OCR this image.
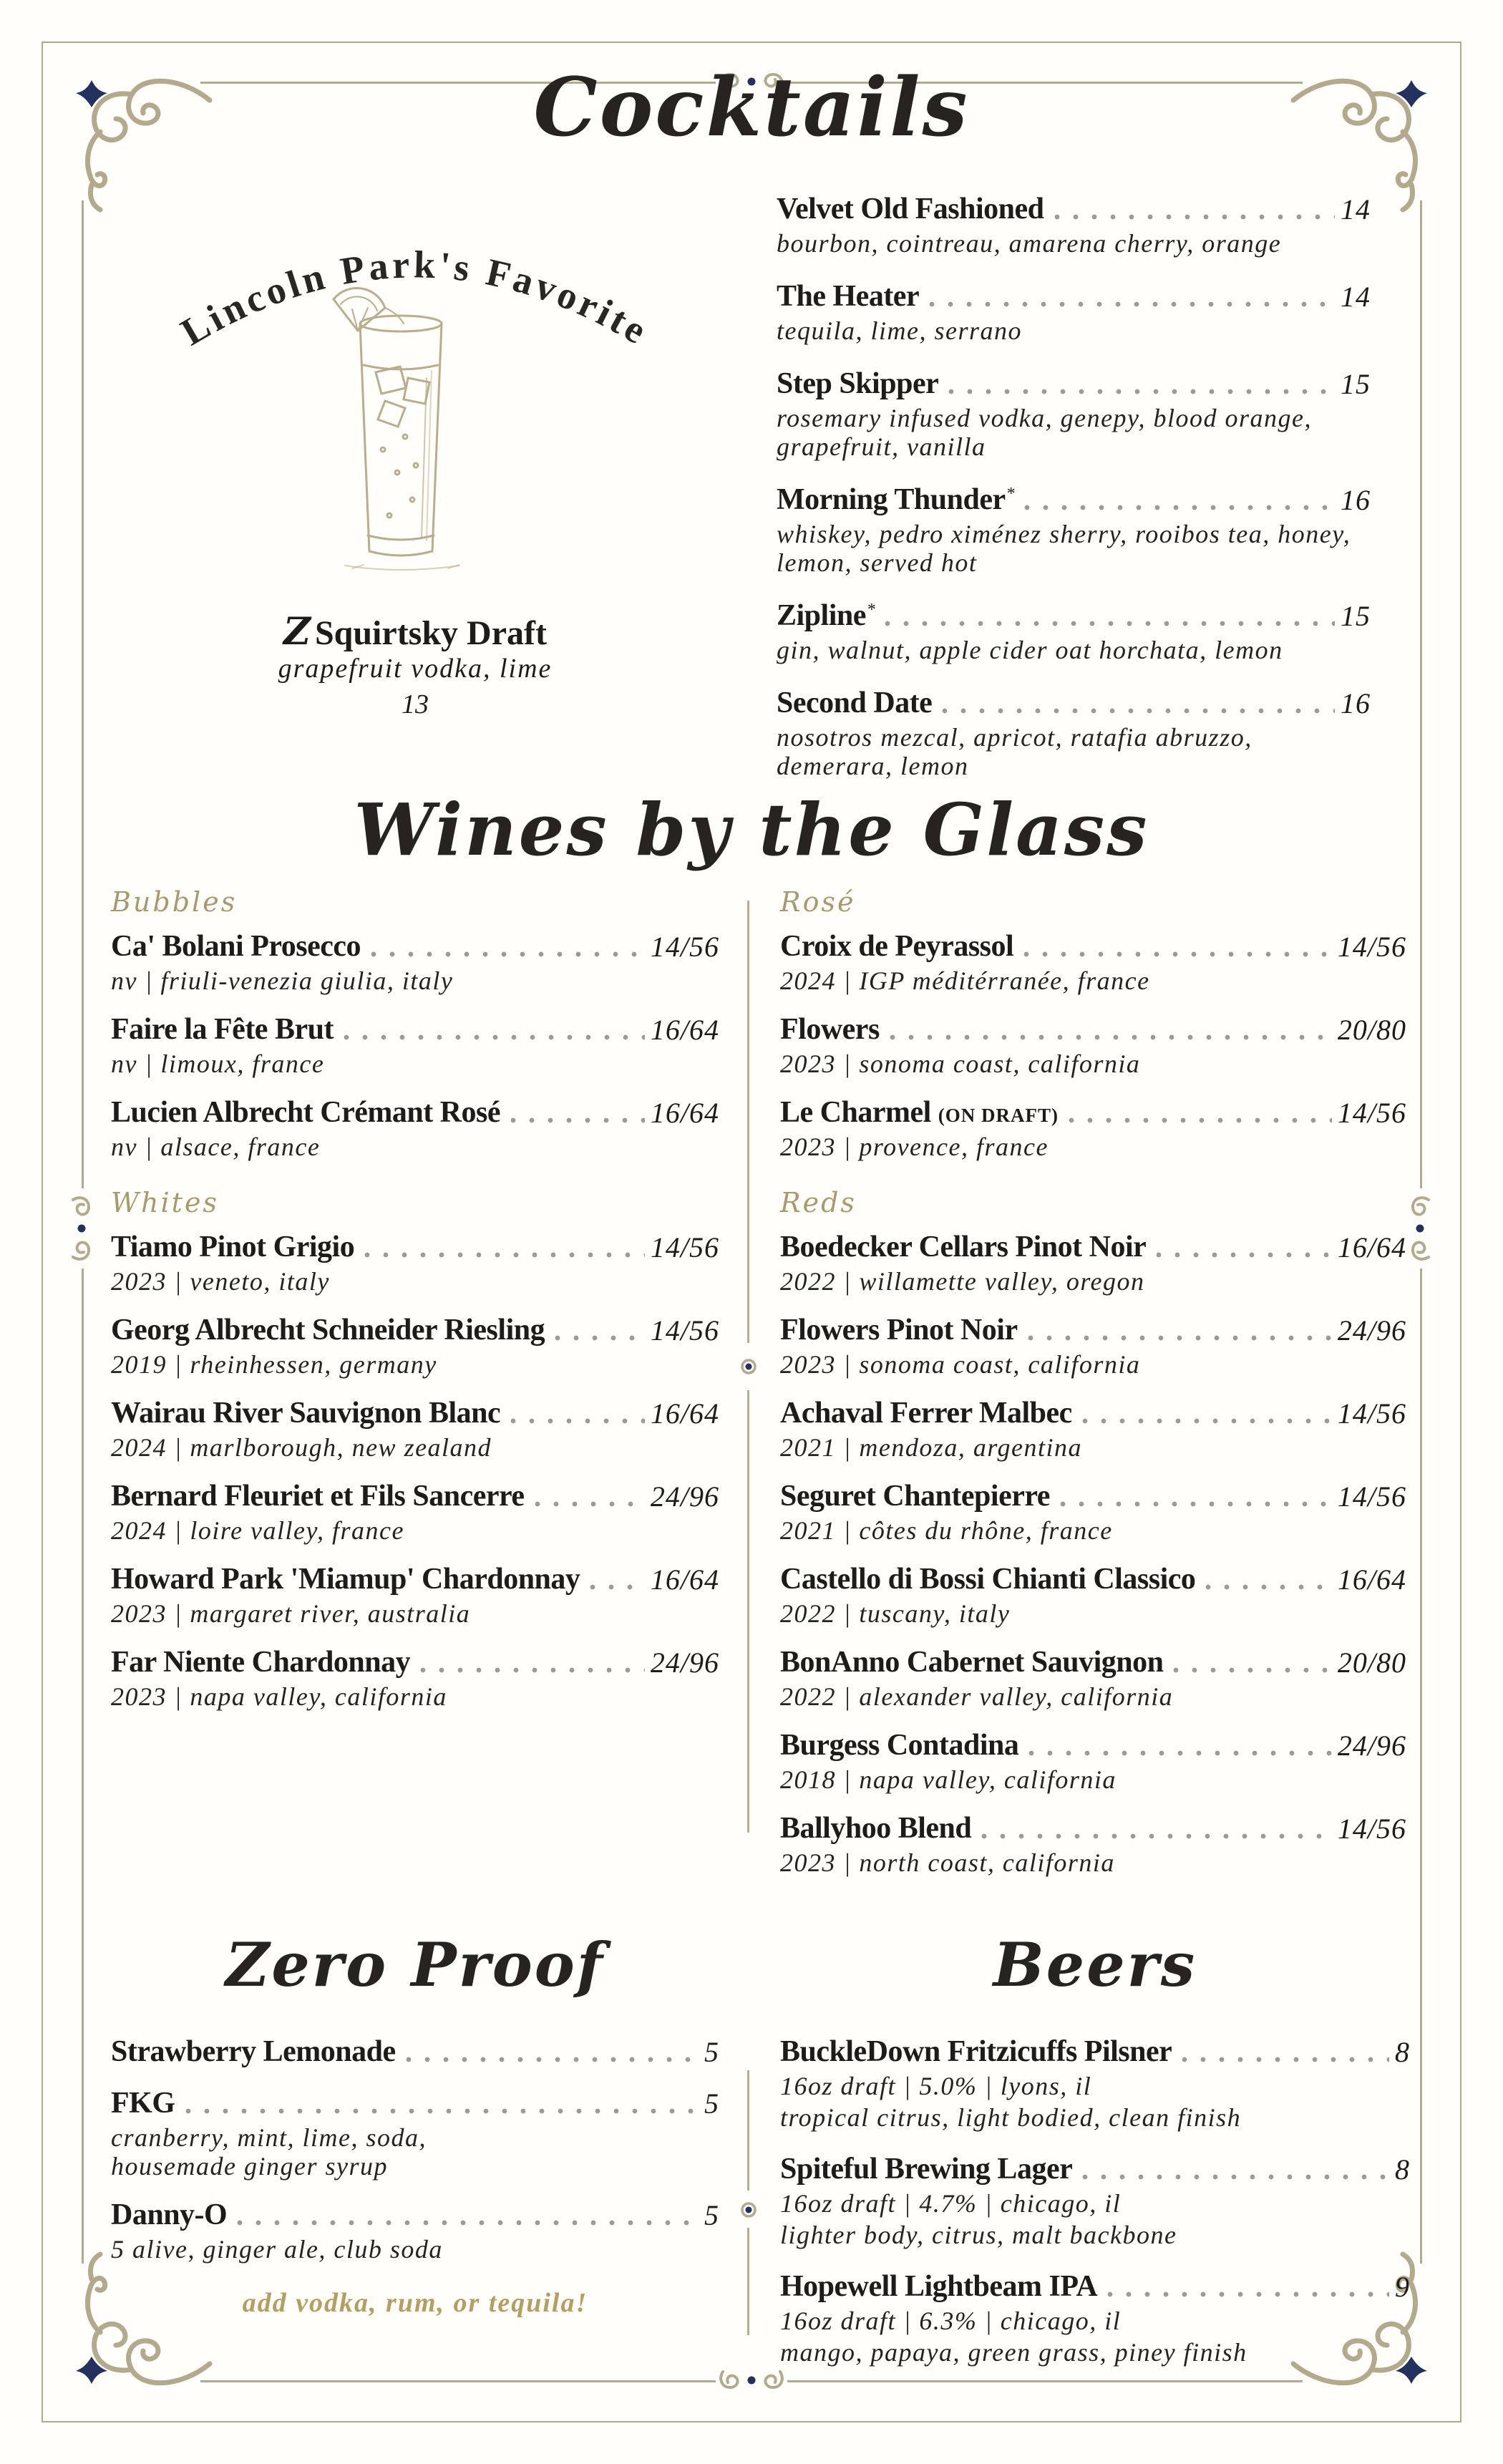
Cocktails
Lincoln Park's Favorite
Z Squirtsky Draft
grapefruit vodka, lime
13
Velvet Old Fashioned	14
bourbon, cointreau, amarena cherry, orange
The Heater	14
tequila, lime, serrano
Step Skipper	15
rosemary infused vodka, genepy, blood orange, grapefruit, vanilla
Morning Thunder*	16
whiskey, pedro ximénez sherry, rooibos tea, honey, lemon, served hot
Zipline*	15
gin, walnut, apple cider oat horchata, lemon
Second Date	16
nosotros mezcal, apricot, ratafia abruzzo, demerara, lemon
Wines by the Glass
Bubbles
Ca' Bolani Prosecco	14/56
nv | friuli-venezia giulia, italy
Faire la Fête Brut	16/64
nv | limoux, france
Lucien Albrecht Crémant Rosé	16/64
nv | alsace, france
Whites
Tiamo Pinot Grigio	14/56
2023 | veneto, italy
Georg Albrecht Schneider Riesling	14/56
2019 | rheinhessen, germany
Wairau River Sauvignon Blanc	16/64
2024 | marlborough, new zealand
Bernard Fleuriet et Fils Sancerre	24/96
2024 | loire valley, france
Howard Park 'Miamup' Chardonnay 16/64
2023 | margaret river, australia
Far Niente Chardonnay	24/96
2023 | napa valley, california
Rosé
Croix de Peyrassol	14/56
2024 | IGP méditérranée, france
Flowers	20/80
2023 | sonoma coast, california
Le Charmel (ON DRAFT)	14/56
2023 | provence, france
Reds
Boedecker Cellars Pinot Noir	16/64
2022 | willamette valley, oregon
Flowers Pinot Noir	24/96
2023 | sonoma coast, california
Achaval Ferrer Malbec	14/56
2021 | mendoza, argentina
Seguret Chantepierre	14/56
2021 | côtes du rhône, france
Castello di Bossi Chianti Classico	16/64
2022 | tuscany, italy
BonAnno Cabernet Sauvignon	20/80
2022 | alexander valley, california
Burgess Contadina	24/96
2018 | napa valley, california
Ballyhoo Blend	14/56
2023 | north coast, california
Zero Proof	Beers
Strawberry Lemonade	5
FKG	5
cranberry, mint, lime, soda, housemade ginger syrup
Danny-O	5
5 alive, ginger ale, club soda
add vodka, rum, or tequila!
BuckleDown Fritzicuffs Pilsner	8
16oz draft | 5.0% | lyons, il
tropical citrus, light bodied, clean finish
Spiteful Brewing Lager	8
16oz draft | 4.7% | chicago, il
lighter body, citrus, malt backbone
Hopewell Lightbeam IPA	9
16oz draft | 6.3% | chicago, il
mango, papaya, green grass, piney finish
